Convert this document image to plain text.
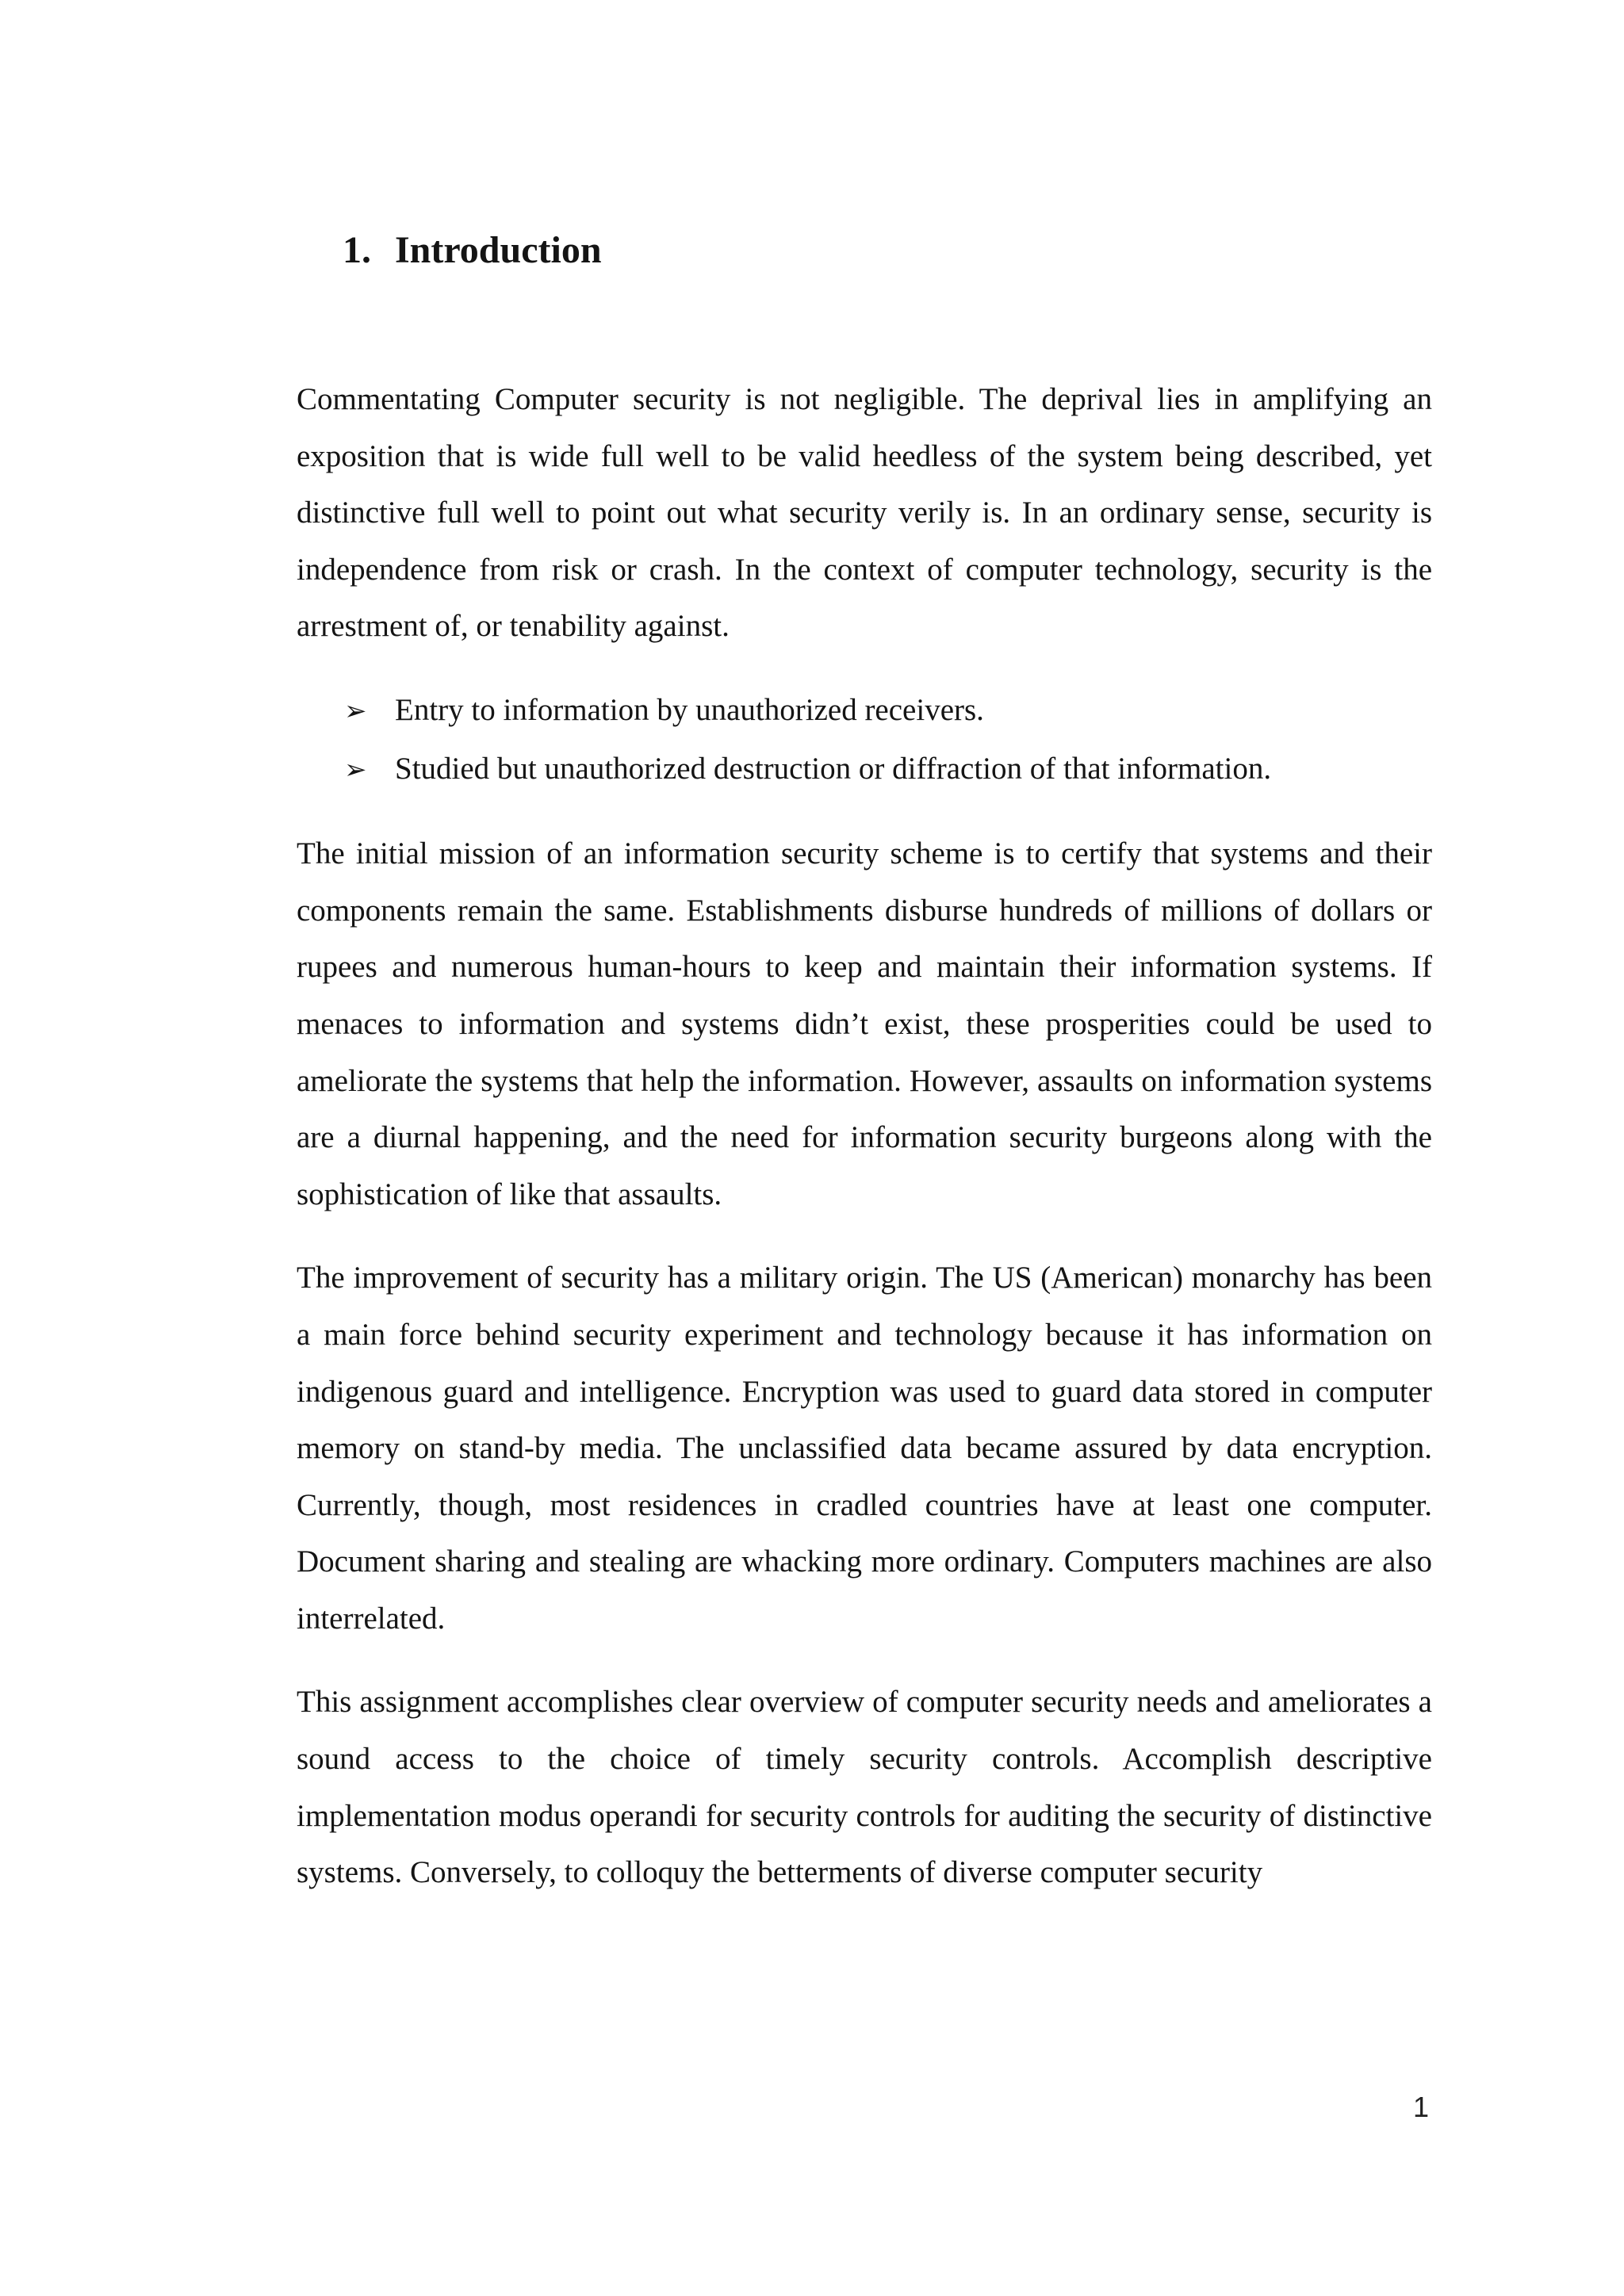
1. Introduction

Commentating Computer security is not negligible. The deprival lies in amplifying an exposition that is wide full well to be valid heedless of the system being described, yet distinctive full well to point out what security verily is. In an ordinary sense, security is independence from risk or crash. In the context of computer technology, security is the arrestment of, or tenability against.

➢ Entry to information by unauthorized receivers.
➢ Studied but unauthorized destruction or diffraction of that information.

The initial mission of an information security scheme is to certify that systems and their components remain the same. Establishments disburse hundreds of millions of dollars or rupees and numerous human-hours to keep and maintain their information systems. If menaces to information and systems didn’t exist, these prosperities could be used to ameliorate the systems that help the information. However, assaults on information systems are a diurnal happening, and the need for information security burgeons along with the sophistication of like that assaults.

The improvement of security has a military origin. The US (American) monarchy has been a main force behind security experiment and technology because it has information on indigenous guard and intelligence. Encryption was used to guard data stored in computer memory on stand-by media. The unclassified data became assured by data encryption. Currently, though, most residences in cradled countries have at least one computer. Document sharing and stealing are whacking more ordinary. Computers machines are also interrelated.

This assignment accomplishes clear overview of computer security needs and ameliorates a sound access to the choice of timely security controls. Accomplish descriptive implementation modus operandi for security controls for auditing the security of distinctive systems. Conversely, to colloquy the betterments of diverse computer security

1
